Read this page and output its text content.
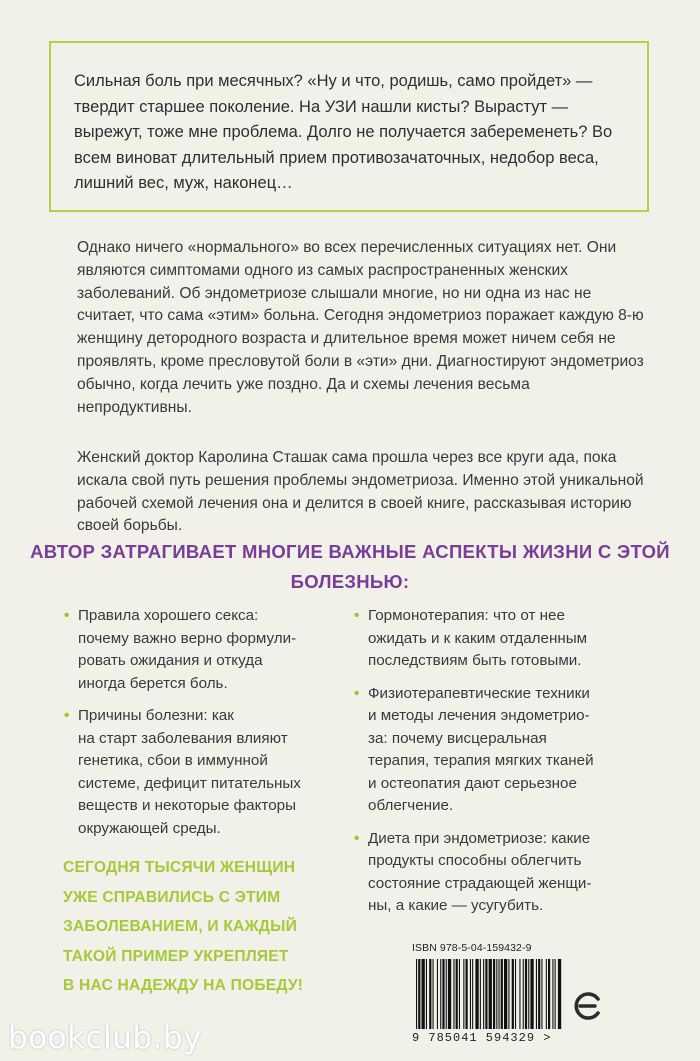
Сильная боль при месячных? «Ну и что, родишь, само пройдет» — твердит старшее поколение. На УЗИ нашли кисты? Вырастут — вырежут, тоже мне проблема. Долго не получается забеременеть? Во всем виноват длительный прием противозачаточных, недобор веса, лишний вес, муж, наконец…

Однако ничего «нормального» во всех перечисленных ситуациях нет. Они являются симптомами одного из самых распространенных женских заболеваний. Об эндометриозе слышали многие, но ни одна из нас не считает, что сама «этим» больна. Сегодня эндометриоз поражает каждую 8-ю женщину детородного возраста и длительное время может ничем себя не проявлять, кроме пресловутой боли в «эти» дни. Диагностируют эндометриоз обычно, когда лечить уже поздно. Да и схемы лечения весьма непродуктивны.

Женский доктор Каролина Сташак сама прошла через все круги ада, пока искала свой путь решения проблемы эндометриоза. Именно этой уникальной рабочей схемой лечения она и делится в своей книге, рассказывая историю своей борьбы.

АВТОР ЗАТРАГИВАЕТ МНОГИЕ ВАЖНЫЕ АСПЕКТЫ ЖИЗНИ С ЭТОЙ БОЛЕЗНЬЮ:

• Правила хорошего секса:
почему важно верно формули-
ровать ожидания и откуда
иногда берется боль.
• Причины болезни: как
на старт заболевания влияют
генетика, сбои в иммунной
системе, дефицит питательных
веществ и некоторые факторы
окружающей среды.
• Гормонотерапия: что от нее
ожидать и к каким отдаленным
последствиям быть готовыми.
• Физиотерапевтические техники
и методы лечения эндометрио-
за: почему висцеральная
терапия, терапия мягких тканей
и остеопатия дают серьезное
облегчение.
• Диета при эндометриозе: какие
продукты способны облегчить
состояние страдающей женщи-
ны, а какие — усугубить.

СЕГОДНЯ ТЫСЯЧИ ЖЕНЩИН
УЖЕ СПРАВИЛИСЬ С ЭТИМ
ЗАБОЛЕВАНИЕМ, И КАЖДЫЙ
ТАКОЙ ПРИМЕР УКРЕПЛЯЕТ
В НАС НАДЕЖДУ НА ПОБЕДУ!

ISBN 978-5-04-159432-9
9 785041 594329 >
bookclub.by
